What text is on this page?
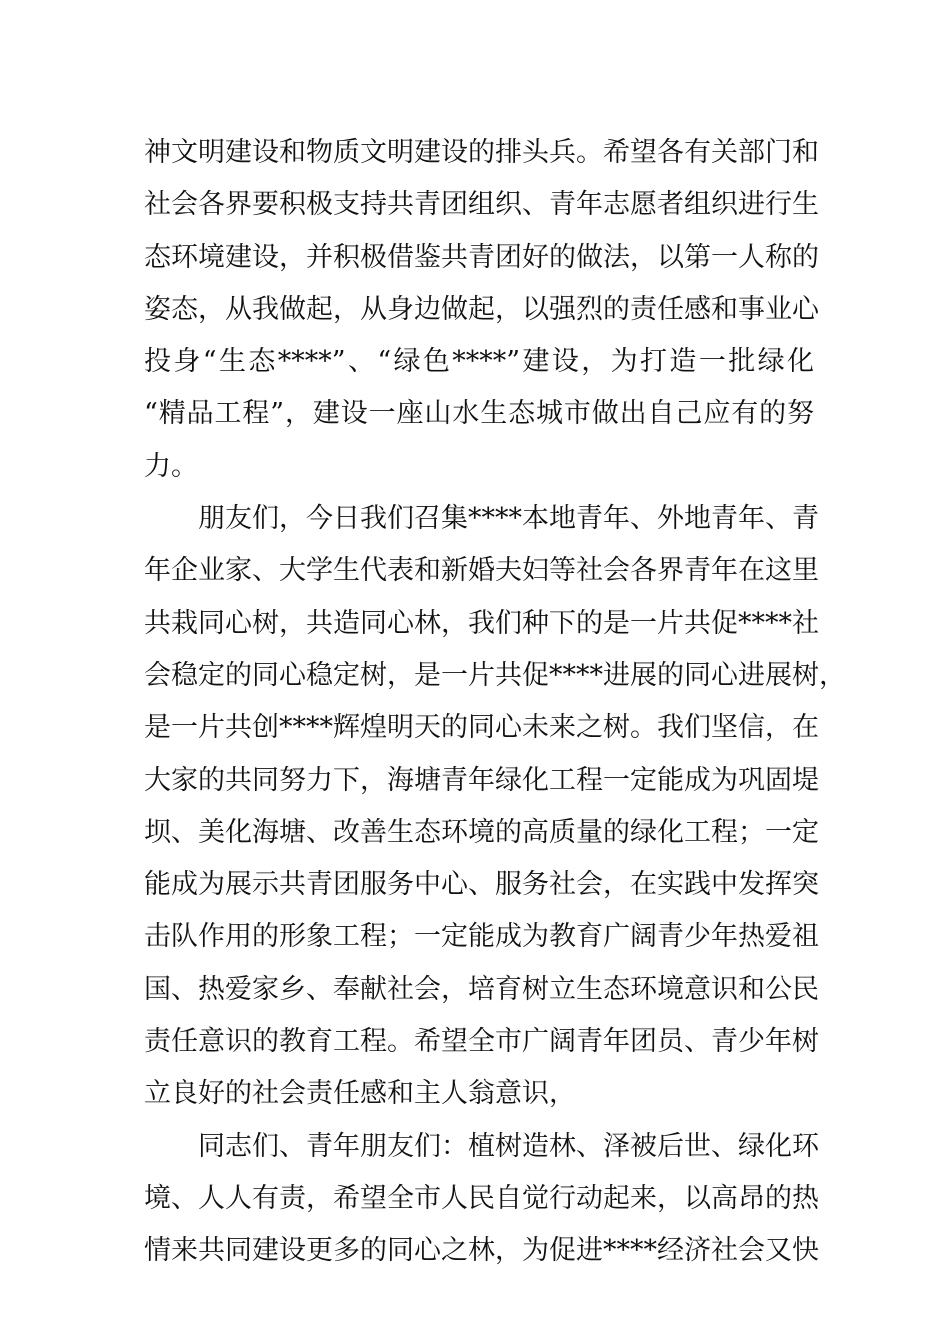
神文明建设和物质文明建设的排头兵。希望各有关部门和
社会各界要积极支持共青团组织、青年志愿者组织进行生
态环境建设，并积极借鉴共青团好的做法，以第一人称的
姿态，从我做起，从身边做起，以强烈的责任感和事业心
投身“生态****”、“绿色****”建设，为打造一批绿化
“精品工程”，建设一座山水生态城市做出自己应有的努
力。
朋友们，今日我们召集****本地青年、外地青年、青
年企业家、大学生代表和新婚夫妇等社会各界青年在这里
共栽同心树，共造同心林，我们种下的是一片共促****社
会稳定的同心稳定树，是一片共促****进展的同心进展树，
是一片共创****辉煌明天的同心未来之树。我们坚信，在
大家的共同努力下，海塘青年绿化工程一定能成为巩固堤
坝、美化海塘、改善生态环境的高质量的绿化工程；一定
能成为展示共青团服务中心、服务社会，在实践中发挥突
击队作用的形象工程；一定能成为教育广阔青少年热爱祖
国、热爱家乡、奉献社会，培育树立生态环境意识和公民
责任意识的教育工程。希望全市广阔青年团员、青少年树
立良好的社会责任感和主人翁意识，
同志们、青年朋友们：植树造林、泽被后世、绿化环
境、人人有责，希望全市人民自觉行动起来，以高昂的热
情来共同建设更多的同心之林，为促进****经济社会又快
